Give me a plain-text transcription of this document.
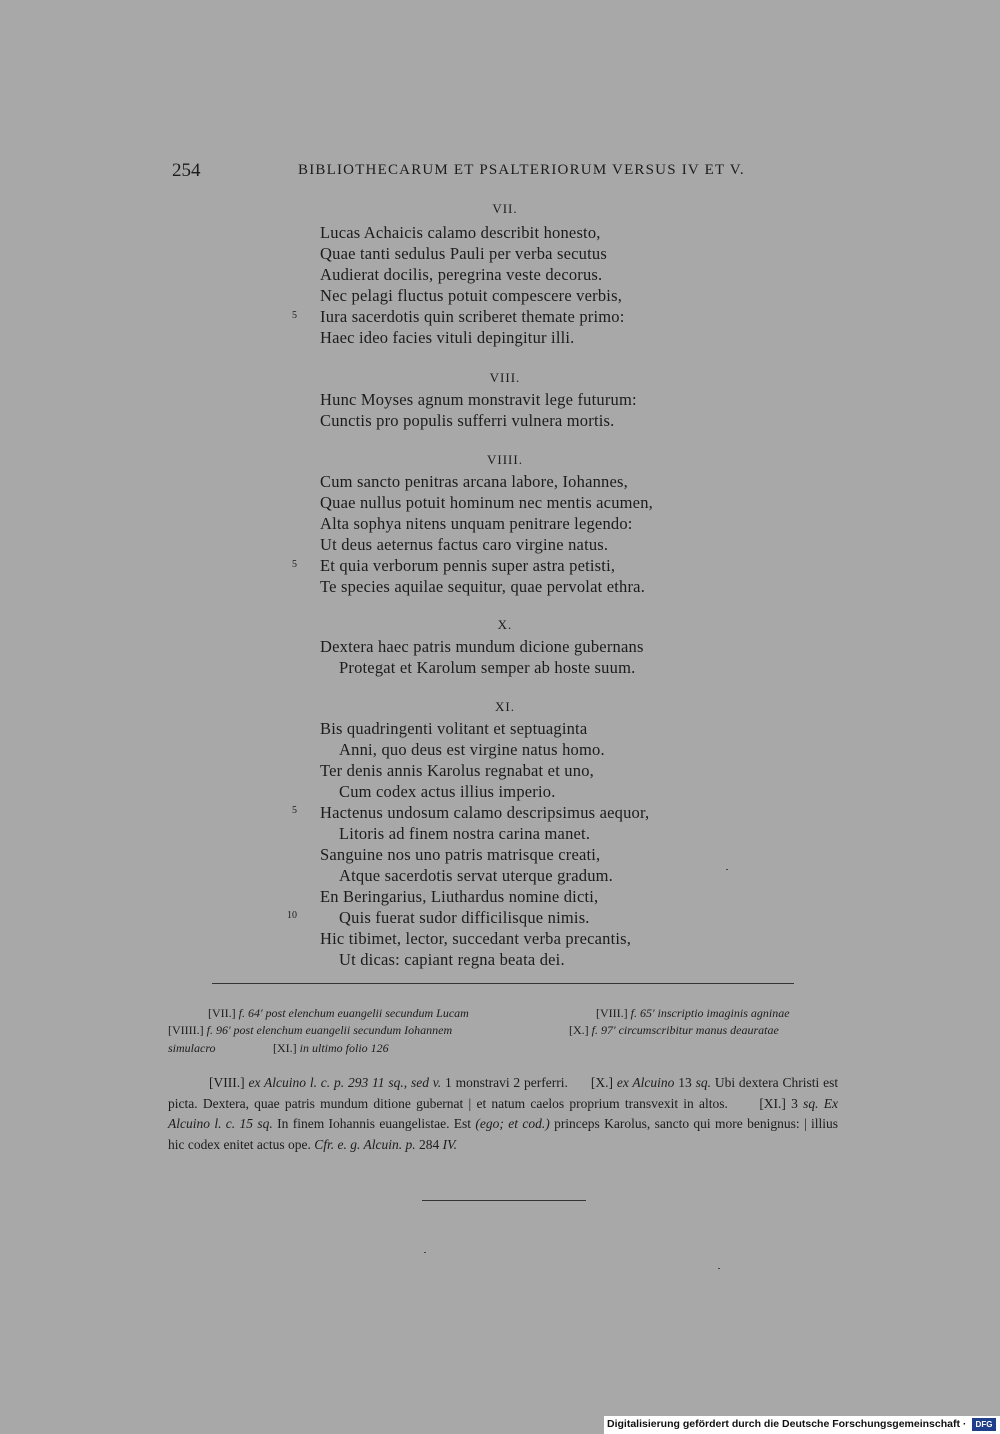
254	BIBLIOTHECARUM ET PSALTERIORUM VERSUS IV ET V.
VII.
Lucas Achaicis calamo describit honesto,
Quae tanti sedulus Pauli per verba secutus
Audierat docilis, peregrina veste decorus.
Nec pelagi fluctus potuit compescere verbis,
Iura sacerdotis quin scriberet themate primo:
Haec ideo facies vituli depingitur illi.
5
VIII.
Hunc Moyses agnum monstravit lege futurum:
Cunctis pro populis sufferri vulnera mortis.
VIIII.
Cum sancto penitras arcana labore, Iohannes,
Quae nullus potuit hominum nec mentis acumen,
Alta sophya nitens unquam penitrare legendo:
Ut deus aeternus factus caro virgine natus.
Et quia verborum pennis super astra petisti,
Te species aquilae sequitur, quae pervolat ethra.
5
X.
Dextera haec patris mundum dicione gubernans
Protegat et Karolum semper ab hoste suum.
XI.
Bis quadringenti volitant et septuaginta
Anni, quo deus est virgine natus homo.
Ter denis annis Karolus regnabat et uno,
Cum codex actus illius imperio.
Hactenus undosum calamo descripsimus aequor,
Litoris ad finem nostra carina manet.
Sanguine nos uno patris matrisque creati,
Atque sacerdotis servat uterque gradum.
En Beringarius, Liuthardus nomine dicti,
Quis fuerat sudor difficilisque nimis.
Hic tibimet, lector, succedant verba precantis,
Ut dicas: capiant regna beata dei.
5
10
[VII.] f. 64' post elenchum euangelii secundum Lucam	[VIII.] f. 65' inscriptio imaginis agninae
[VIIII.] f. 96' post elenchum euangelii secundum Iohannem	[X.] f. 97' circumscribitur manus deauratae
simulacro	[XI.] in ultimo folio 126

[VIII.] ex Alcuino l. c. p. 293 11 sq., sed v. 1 monstravi 2 perferri. [X.] ex Alcuino 13 sq. Ubi dextera Christi est picta. Dextera, quae patris mundum ditione gubernat | et natum caelos proprium transvexit in altos. [XI.] 3 sq. Ex Alcuino l. c. 15 sq. In finem Iohannis euangelistae. Est (ego; et cod.) princeps Karolus, sancto qui more benignus: | illius hic codex enitet actus ope. Cfr. e. g. Alcuin. p. 284 IV.

Digitalisierung gefördert durch die Deutsche Forschungsgemeinschaft ·	DFG
